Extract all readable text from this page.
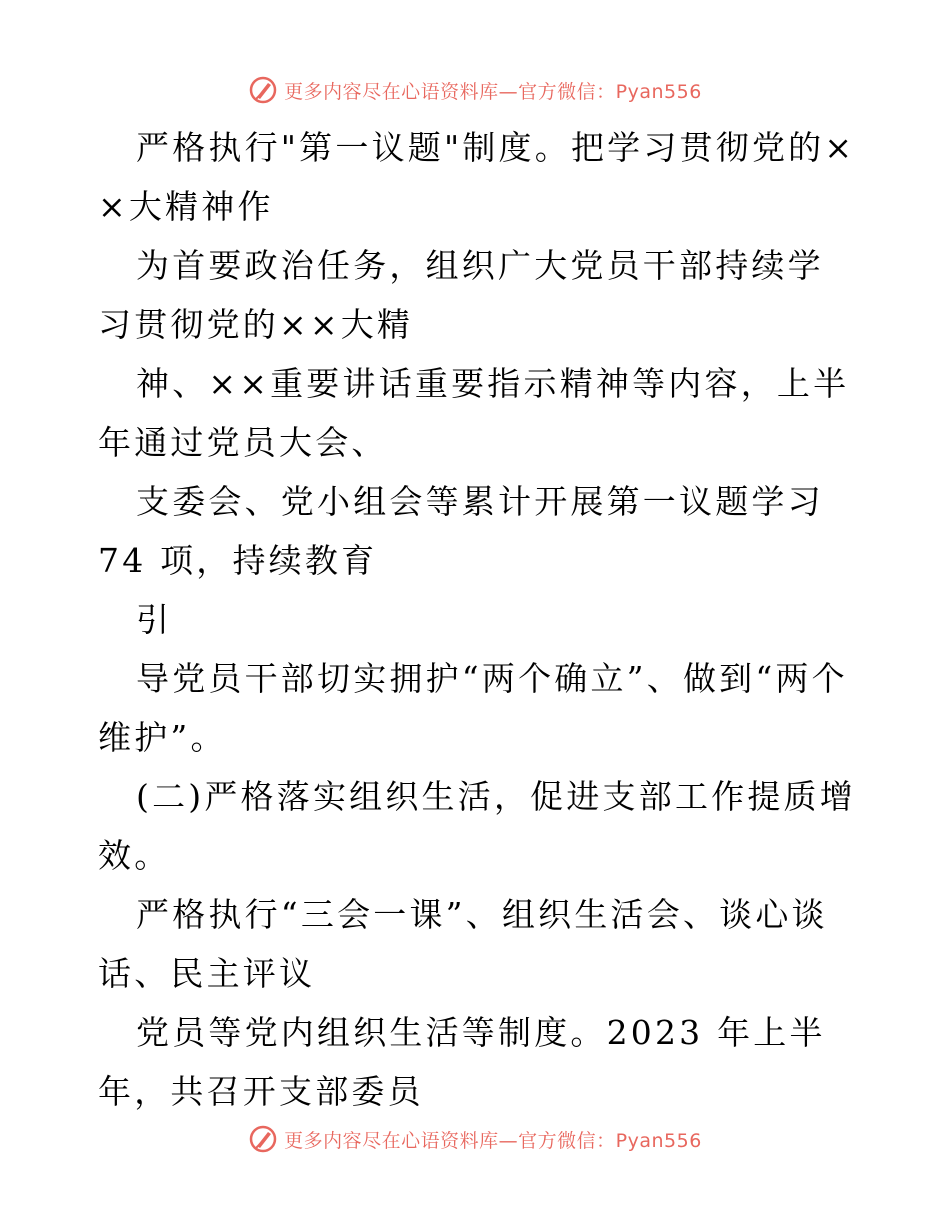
更多内容尽在心语资料库—官方微信：Pyan556

严格执行"第一议题"制度。把学习贯彻党的××大精神作

为首要政治任务，组织广大党员干部持续学习贯彻党的××大精

神、××重要讲话重要指示精神等内容，上半年通过党员大会、

支委会、党小组会等累计开展第一议题学习 74 项，持续教育

引

导党员干部切实拥护“两个确立”、做到“两个维护”。

(二)严格落实组织生活，促进支部工作提质增效。

严格执行“三会一课”、组织生活会、谈心谈话、民主评议

党员等党内组织生活等制度。2023 年上半年，共召开支部委员

更多内容尽在心语资料库—官方微信：Pyan556
